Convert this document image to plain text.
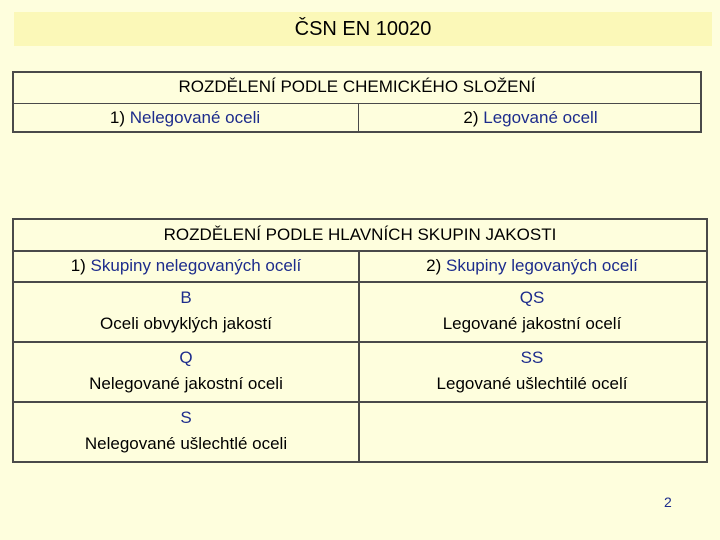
ČSN EN 10020
ROZDĚLENÍ PODLE CHEMICKÉHO SLOŽENÍ
1) Nelegované oceli	2) Legované ocell
ROZDĚLENÍ PODLE HLAVNÍCH SKUPIN JAKOSTI
1) Skupiny nelegovaných ocelí	2) Skupiny legovaných ocelí
B
Oceli obvyklých jakostí
QS
Legované jakostní ocelí
Q
Nelegované jakostní oceli
SS
Legované ušlechtilé ocelí
S
Nelegované ušlechtlé oceli
2
